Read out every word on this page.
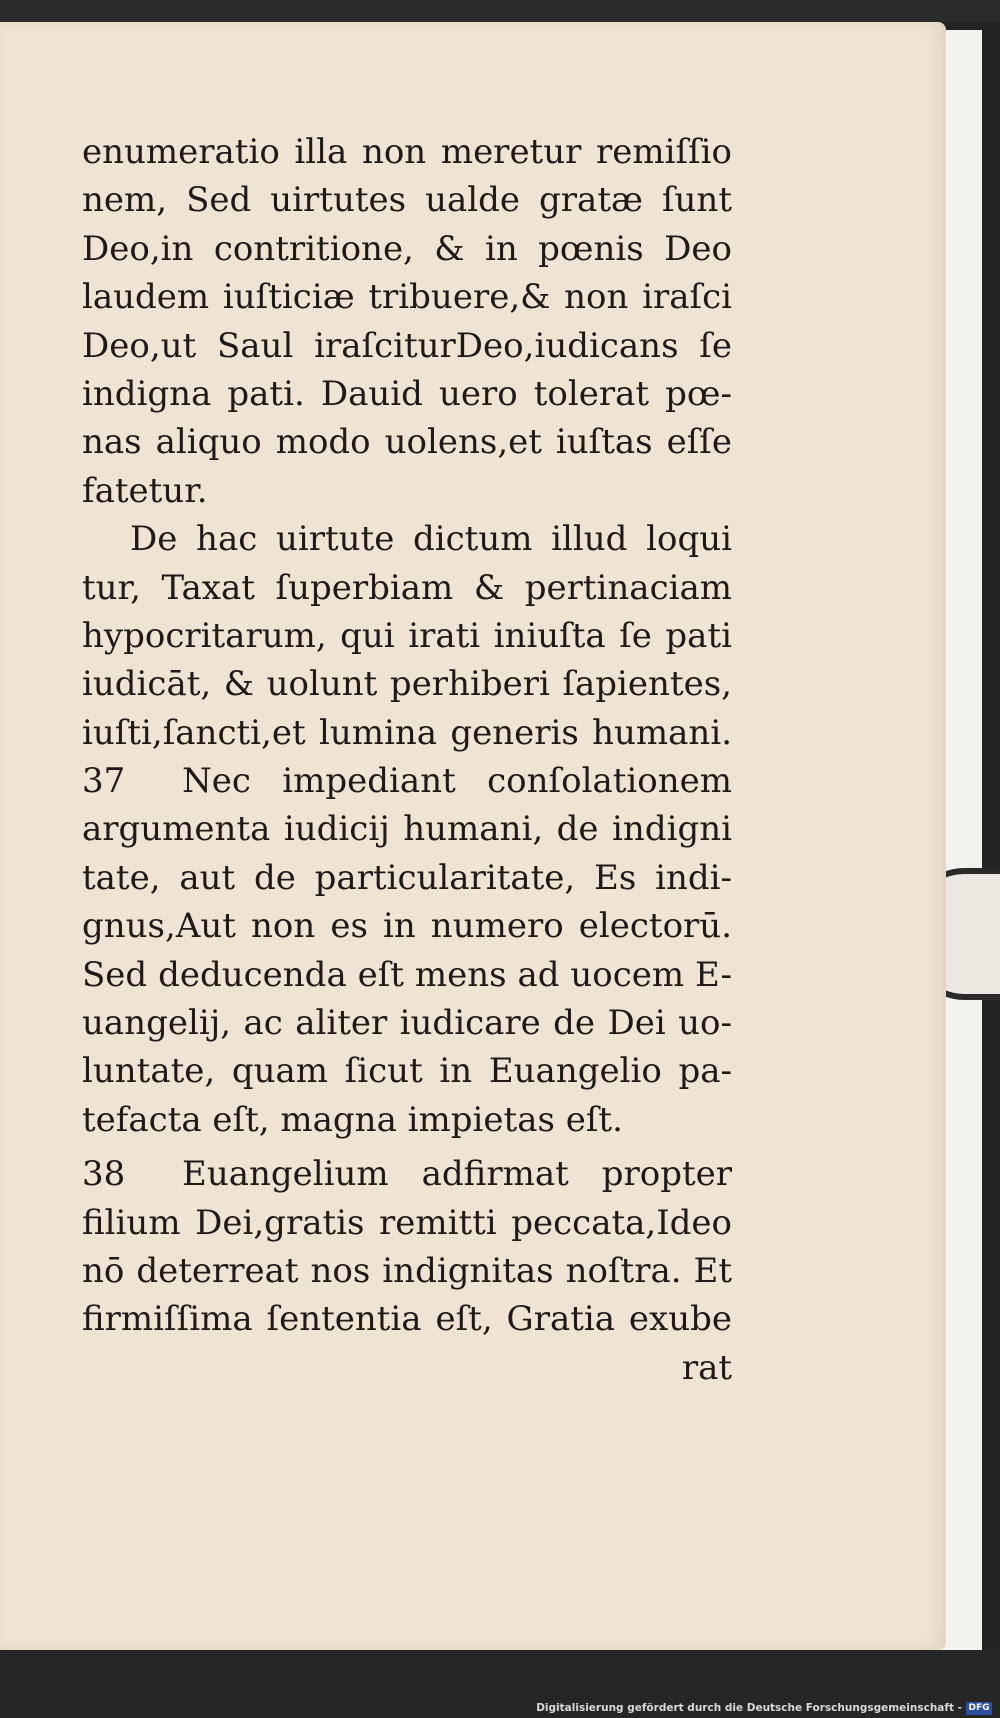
enumeratio illa non meretur remiſſio
nem, Sed uirtutes ualde gratæ ſunt
Deo,in contritione, & in pœnis Deo
laudem iuſticiæ tribuere,& non iraſci
Deo,ut Saul iraſciturDeo,iudicans ſe
indigna pati. Dauid uero tolerat pœ-
nas aliquo modo uolens,et iuſtas eſſe
fatetur.
De hac uirtute dictum illud loqui
tur, Taxat ſuperbiam & pertinaciam
hypocritarum, qui irati iniuſta ſe pati
iudicāt, & uolunt perhiberi ſapientes,
iuſti,ſancti,et lumina generis humani.
37	Nec impediant conſolationem
argumenta iudicij humani, de indigni
tate, aut de particularitate, Es indi-
gnus,Aut non es in numero electorū.
Sed deducenda eſt mens ad uocem E-
uangelij, ac aliter iudicare de Dei uo-
luntate, quam ſicut in Euangelio pa-
tefacta eſt, magna impietas eſt.
38	Euangelium adfirmat propter
filium Dei,gratis remitti peccata,Ideo
nō deterreat nos indignitas noſtra. Et
firmiſſima ſententia eſt, Gratia exube
rat
Digitalisierung gefördert durch die Deutsche Forschungsgemeinschaft - DFG
